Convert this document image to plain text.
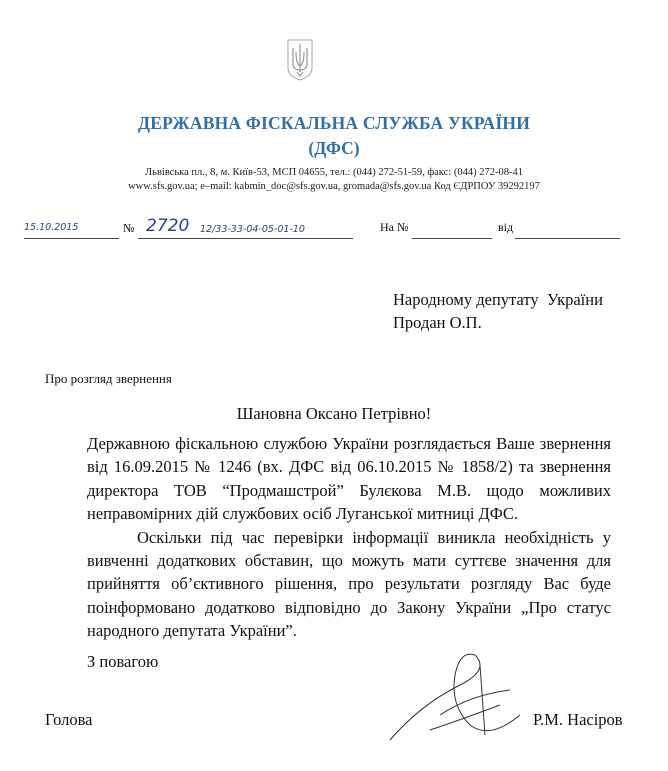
ДЕРЖАВНА ФІСКАЛЬНА СЛУЖБА УКРАЇНИ
(ДФС)
Львівська пл., 8, м. Київ-53, МСП 04655, тел.: (044) 272-51-59, факс: (044) 272-08-41
www.sfs.gov.ua; e–mail: kabmin_doc@sfs.gov.ua, gromada@sfs.gov.ua Код ЄДРПОУ 39292197
15.10.2015	№ 2720 12/33-33-04-05-01-10	На №	від
Народному депутату  України
Продан О.П.
Про розгляд звернення
Шановна Оксано Петрівно!

Державною фіскальною службою України розглядається Ваше звернення від 16.09.2015 № 1246 (вх. ДФС від 06.10.2015 № 1858/2) та звернення директора ТОВ “Продмашстрой” Булєкова М.В. щодо можливих неправомірних дій службових осіб Луганської митниці ДФС.

Оскільки під час перевірки інформації виникла необхідність у вивченні додаткових обставин, що можуть мати суттєве значення для прийняття об’єктивного рішення, про результати розгляду Вас буде поінформовано додатково відповідно до Закону України „Про статус народного депутата України”.

З повагою
Голова	Р.М. Насіров
